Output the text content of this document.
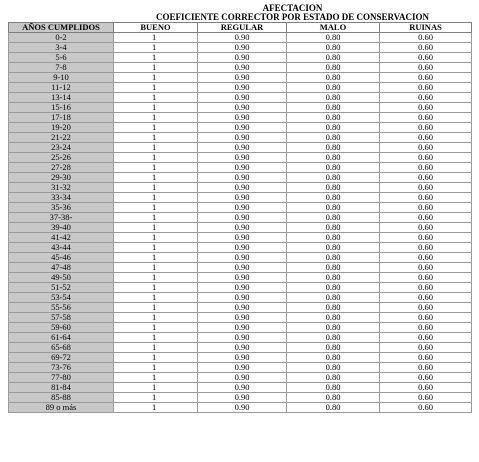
	AFECTACIÓN			
	COEFICIENTE CORRECTOR POR ESTADO DE CONSERVACION			
AÑOS CUMPLIDOS	BUENO	REGULAR	MALO	RUINAS
0-2	1	0.90	0.80	0.60
3-4	1	0.90	0.80	0.60
5-6	1	0.90	0.80	0.60
7-8	1	0.90	0.80	0.60
9-10	1	0.90	0.80	0.60
11-12	1	0.90	0.80	0.60
13-14	1	0.90	0.80	0.60
15-16	1	0.90	0.80	0.60
17-18	1	0.90	0.80	0.60
19-20	1	0.90	0.80	0.60
21-22	1	0.90	0.80	0.60
23-24	1	0.90	0.80	0.60
25-26	1	0.90	0.80	0.60
27-28	1	0.90	0.80	0.60
29-30	1	0.90	0.80	0.60
31-32	1	0.90	0.80	0.60
33-34	1	0.90	0.80	0.60
35-36	1	0.90	0.80	0.60
37-38-	1	0.90	0.80	0.60
39-40	1	0.90	0.80	0.60
41-42	1	0.90	0.80	0.60
43-44	1	0.90	0.80	0.60
45-46	1	0.90	0.80	0.60
47-48	1	0.90	0.80	0.60
49-50	1	0.90	0.80	0.60
51-52	1	0.90	0.80	0.60
53-54	1	0.90	0.80	0.60
55-56	1	0.90	0.80	0.60
57-58	1	0.90	0.80	0.60
59-60	1	0.90	0.80	0.60
61-64	1	0.90	0.80	0.60
65-68	1	0.90	0.80	0.60
69-72	1	0.90	0.80	0.60
73-76	1	0.90	0.80	0.60
77-80	1	0.90	0.80	0.60
81-84	1	0.90	0.80	0.60
85-88	1	0.90	0.80	0.60
89 o más	1	0.90	0.80	0.60
